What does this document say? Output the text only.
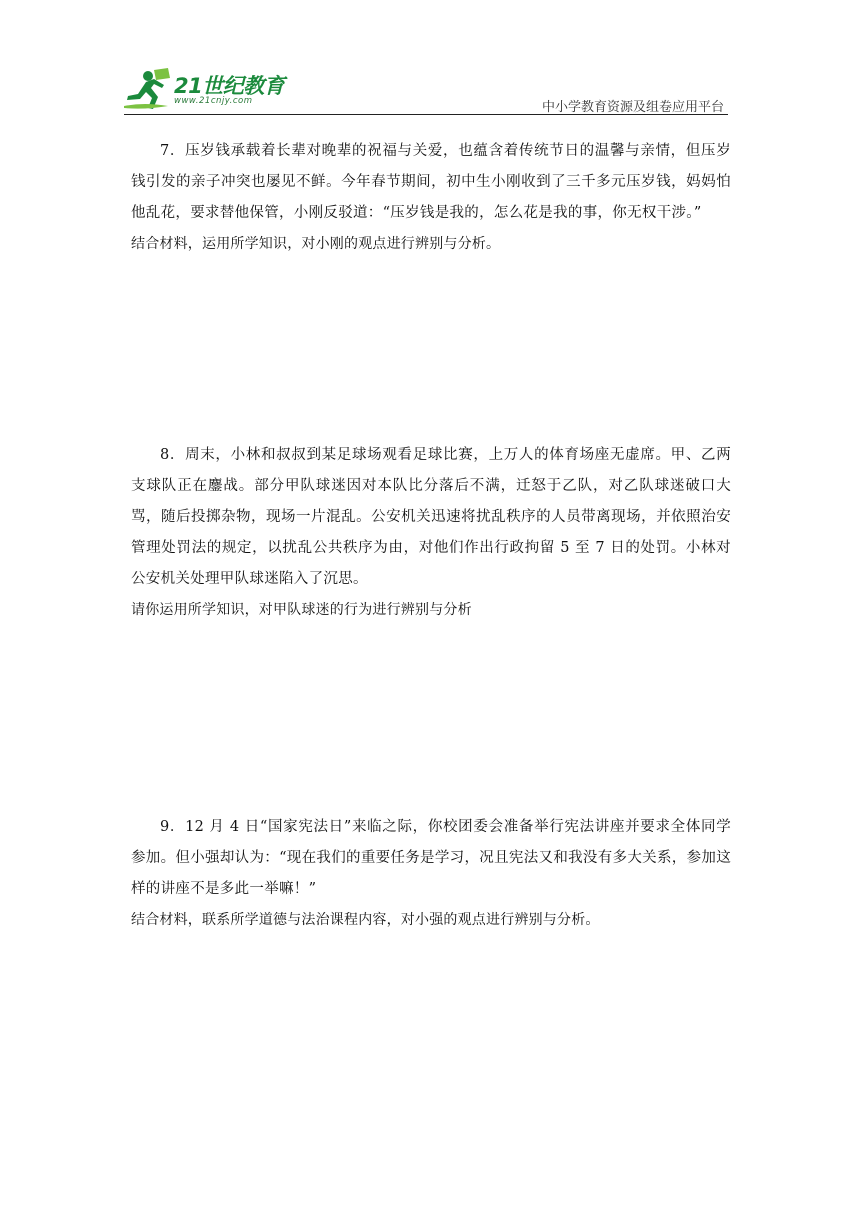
21世纪教育
www.21cnjy.com	中小学教育资源及组卷应用平台

7．压岁钱承载着长辈对晚辈的祝福与关爱，也蕴含着传统节日的温馨与亲情，但压岁钱引发的亲子冲突也屡见不鲜。今年春节期间，初中生小刚收到了三千多元压岁钱，妈妈怕他乱花，要求替他保管，小刚反驳道：“压岁钱是我的，怎么花是我的事，你无权干涉。”

结合材料，运用所学知识，对小刚的观点进行辨别与分析。

8．周末，小林和叔叔到某足球场观看足球比赛，上万人的体育场座无虚席。甲、乙两支球队正在鏖战。部分甲队球迷因对本队比分落后不满，迁怒于乙队，对乙队球迷破口大骂，随后投掷杂物，现场一片混乱。公安机关迅速将扰乱秩序的人员带离现场，并依照治安管理处罚法的规定，以扰乱公共秩序为由，对他们作出行政拘留 5 至 7 日的处罚。小林对公安机关处理甲队球迷陷入了沉思。

请你运用所学知识，对甲队球迷的行为进行辨别与分析

9．12 月 4 日“国家宪法日”来临之际，你校团委会准备举行宪法讲座并要求全体同学参加。但小强却认为：“现在我们的重要任务是学习，况且宪法又和我没有多大关系，参加这样的讲座不是多此一举嘛！”

结合材料，联系所学道德与法治课程内容，对小强的观点进行辨别与分析。
